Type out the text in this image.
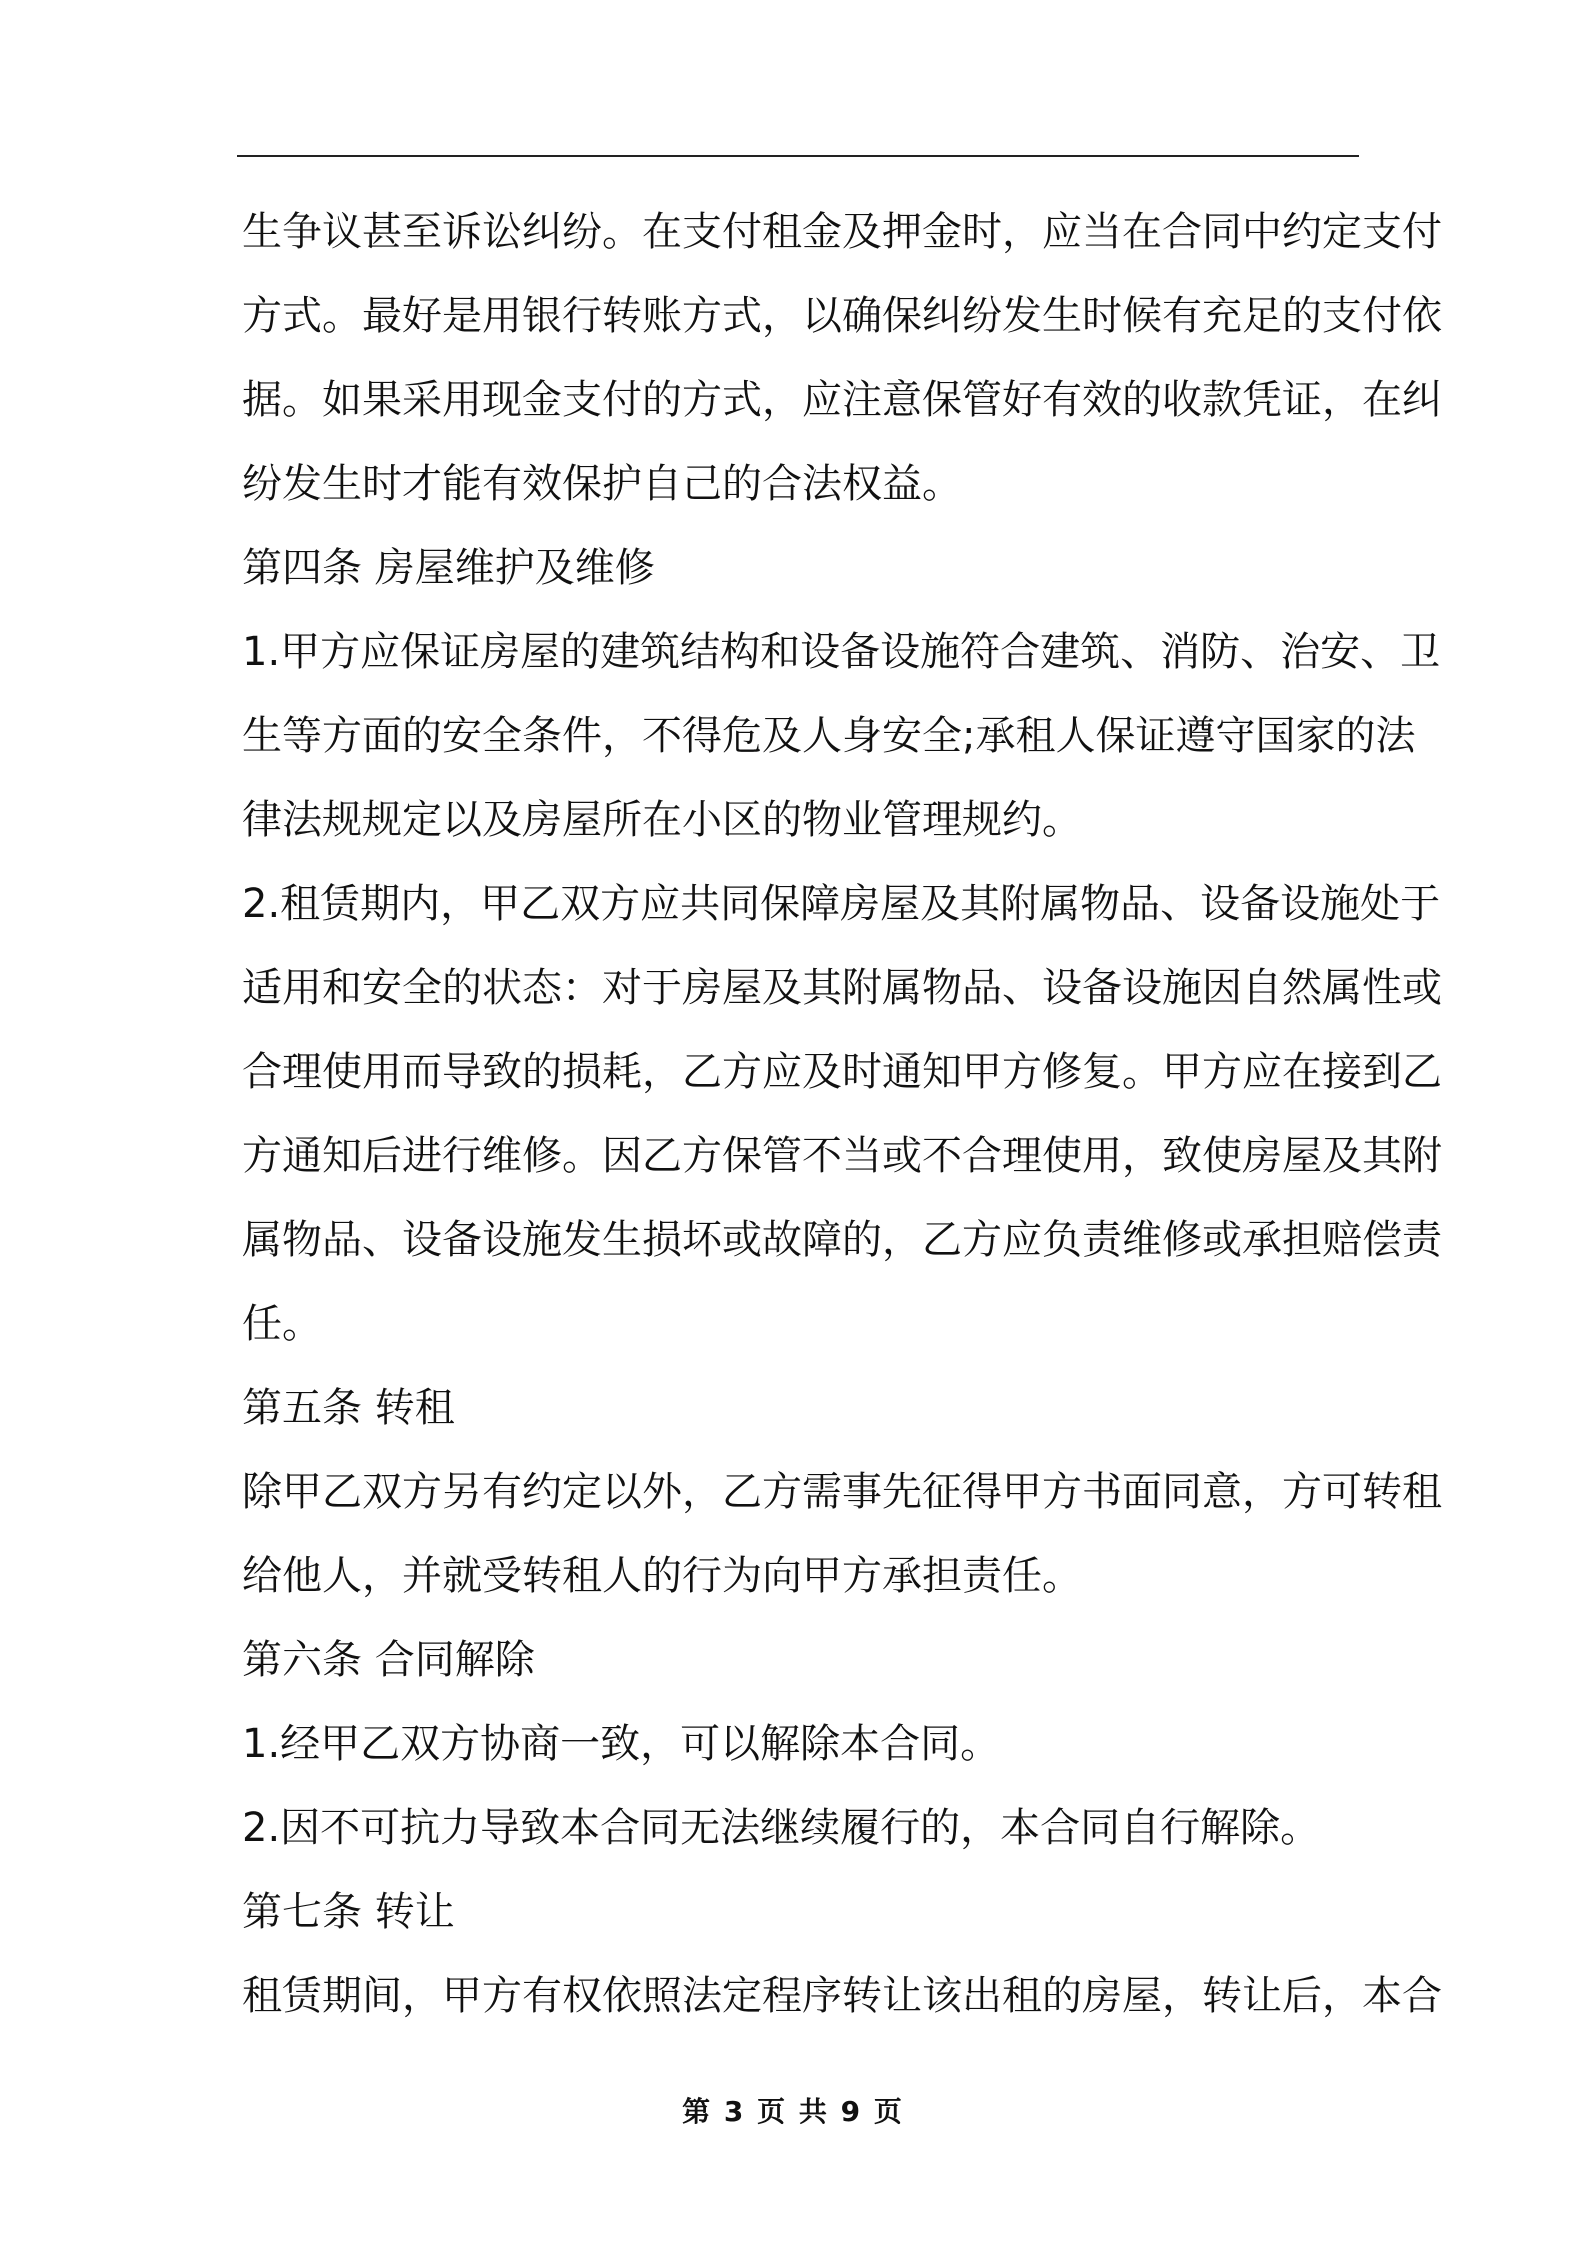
生争议甚至诉讼纠纷。在支付租金及押金时，应当在合同中约定支付
方式。最好是用银行转账方式，以确保纠纷发生时候有充足的支付依
据。如果采用现金支付的方式，应注意保管好有效的收款凭证，在纠
纷发生时才能有效保护自己的合法权益。
第四条 房屋维护及维修
1.甲方应保证房屋的建筑结构和设备设施符合建筑、消防、治安、卫
生等方面的安全条件，不得危及人身安全;承租人保证遵守国家的法
律法规规定以及房屋所在小区的物业管理规约。
2.租赁期内，甲乙双方应共同保障房屋及其附属物品、设备设施处于
适用和安全的状态：对于房屋及其附属物品、设备设施因自然属性或
合理使用而导致的损耗，乙方应及时通知甲方修复。甲方应在接到乙
方通知后进行维修。因乙方保管不当或不合理使用，致使房屋及其附
属物品、设备设施发生损坏或故障的，乙方应负责维修或承担赔偿责
任。
第五条 转租
除甲乙双方另有约定以外，乙方需事先征得甲方书面同意，方可转租
给他人，并就受转租人的行为向甲方承担责任。
第六条 合同解除
1.经甲乙双方协商一致，可以解除本合同。
2.因不可抗力导致本合同无法继续履行的，本合同自行解除。
第七条 转让
租赁期间，甲方有权依照法定程序转让该出租的房屋，转让后，本合
第 3 页 共 9 页
